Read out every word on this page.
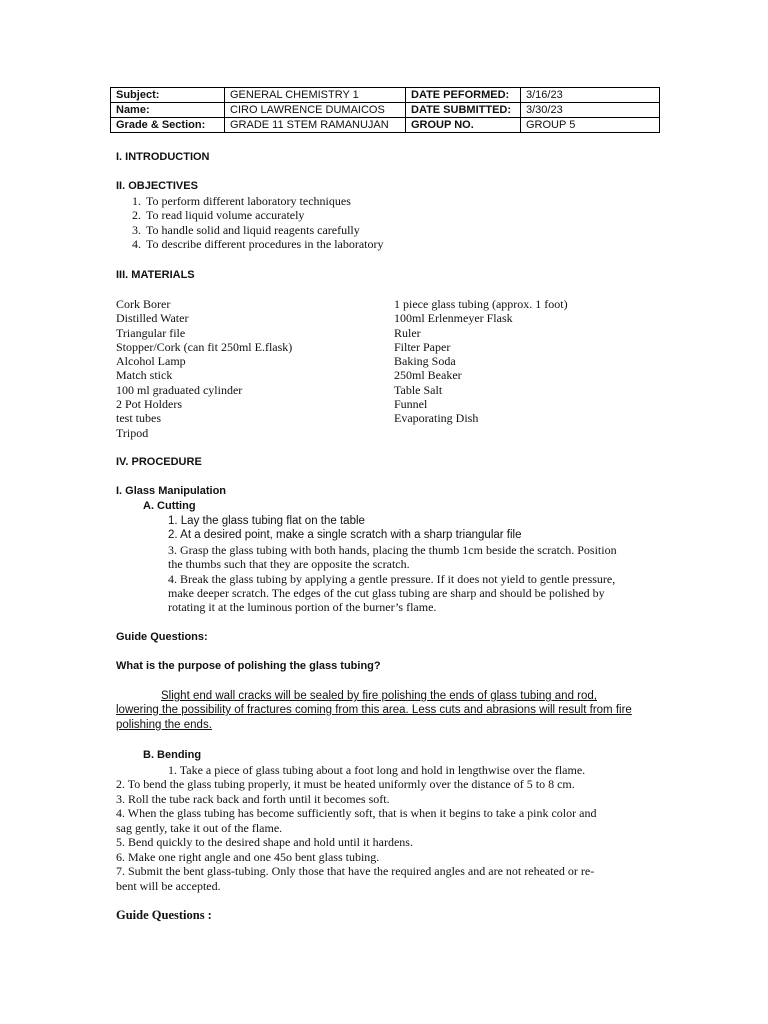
Subject:	GENERAL CHEMISTRY 1	DATE PEFORMED:	3/16/23
Name:	CIRO LAWRENCE DUMAICOS	DATE SUBMITTED:	3/30/23
Grade & Section:	GRADE 11 STEM RAMANUJAN	GROUP NO.	GROUP 5
I. INTRODUCTION
II. OBJECTIVES
1. To perform different laboratory techniques
2. To read liquid volume accurately
3. To handle solid and liquid reagents carefully
4. To describe different procedures in the laboratory
III. MATERIALS
Cork Borer
Distilled Water
Triangular file
Stopper/Cork (can fit 250ml E.flask)
Alcohol Lamp
Match stick
100 ml graduated cylinder
2 Pot Holders
test tubes
Tripod
1 piece glass tubing (approx. 1 foot)
100ml Erlenmeyer Flask
Ruler
Filter Paper
Baking Soda
250ml Beaker
Table Salt
Funnel
Evaporating Dish
IV. PROCEDURE
I. Glass Manipulation
A. Cutting
1. Lay the glass tubing flat on the table
2. At a desired point, make a single scratch with a sharp triangular file
3. Grasp the glass tubing with both hands, placing the thumb 1cm beside the scratch. Position
the thumbs such that they are opposite the scratch.
4. Break the glass tubing by applying a gentle pressure. If it does not yield to gentle pressure,
make deeper scratch. The edges of the cut glass tubing are sharp and should be polished by
rotating it at the luminous portion of the burner’s flame.
Guide Questions:
What is the purpose of polishing the glass tubing?
Slight end wall cracks will be sealed by fire polishing the ends of glass tubing and rod,
lowering the possibility of fractures coming from this area. Less cuts and abrasions will result from fire
polishing the ends.
B. Bending
1. Take a piece of glass tubing about a foot long and hold in lengthwise over the flame.
2. To bend the glass tubing properly, it must be heated uniformly over the distance of 5 to 8 cm.
3. Roll the tube rack back and forth until it becomes soft.
4. When the glass tubing has become sufficiently soft, that is when it begins to take a pink color and
sag gently, take it out of the flame.
5. Bend quickly to the desired shape and hold until it hardens.
6. Make one right angle and one 45o bent glass tubing.
7. Submit the bent glass-tubing. Only those that have the required angles and are not reheated or re-
bent will be accepted.
Guide Questions :
